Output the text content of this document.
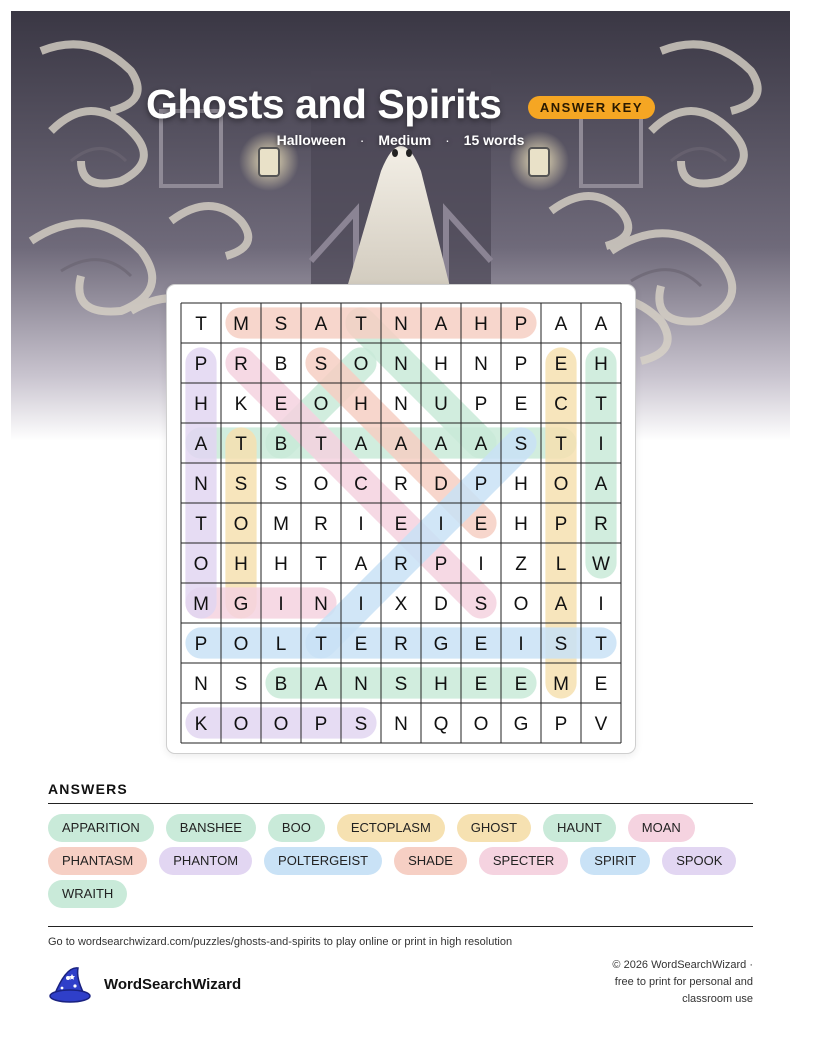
Ghosts and Spirits	ANSWER KEY
Halloween · Medium · 15 words
T M S A T N A H P A A
P R B S O N H N P E H
H K E O H N U P E C T
A T B T A A A A S T I
N S S O C R D P H O A
T O M R I E I E H P R
O H H T A R P I Z L W
M G I N I X D S O A I
P O L T E R G E I S T
N S B A N S H E E M E
K O O P S N Q O G P V
ANSWERS
APPARITION	BANSHEE	BOO	ECTOPLASM	GHOST	HAUNT	MOAN
PHANTASM	PHANTOM	POLTERGEIST	SHADE	SPECTER	SPIRIT	SPOOK
WRAITH
Go to wordsearchwizard.com/puzzles/ghosts-and-spirits to play online or print in high resolution
WordSearchWizard
© 2026 WordSearchWizard ·
free to print for personal and
classroom use
